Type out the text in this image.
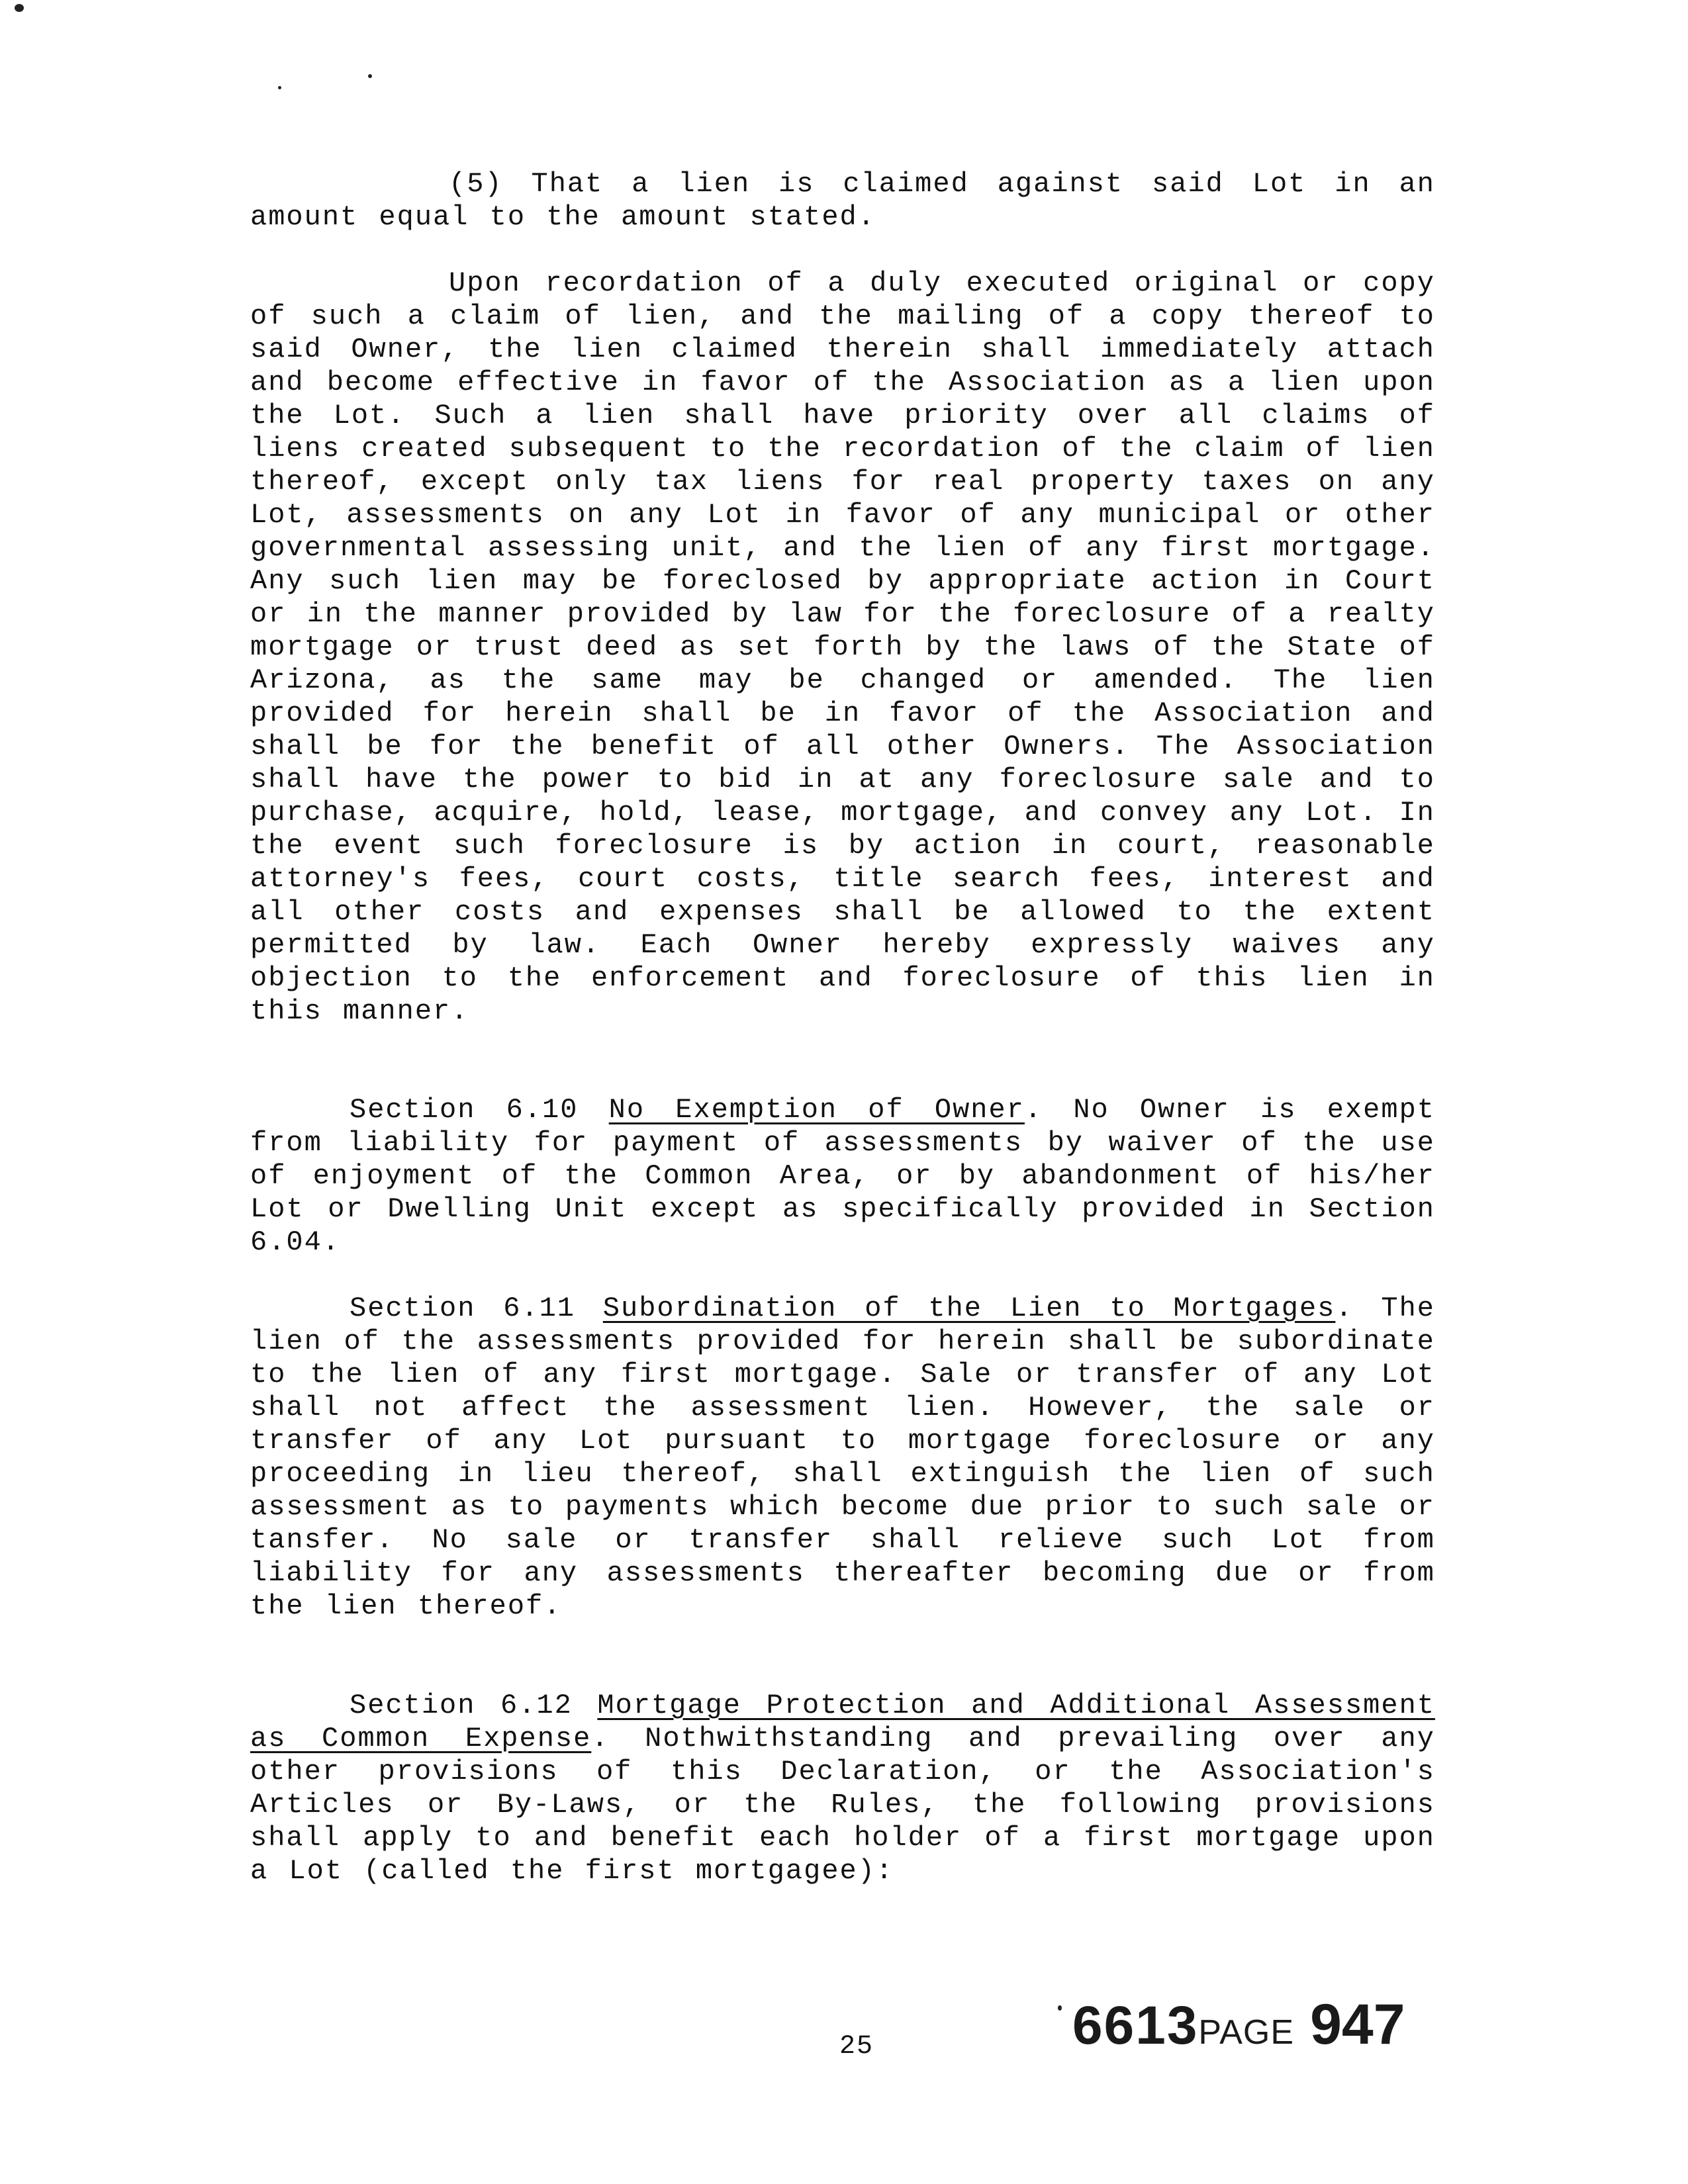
(5) That a lien is claimed against said Lot in an amount equal to the amount stated.

Upon recordation of a duly executed original or copy of such a claim of lien, and the mailing of a copy thereof to said Owner, the lien claimed therein shall immediately attach and become effective in favor of the Association as a lien upon the Lot. Such a lien shall have priority over all claims of liens created subsequent to the recordation of the claim of lien thereof, except only tax liens for real property taxes on any Lot, assessments on any Lot in favor of any municipal or other governmental assessing unit, and the lien of any first mortgage. Any such lien may be foreclosed by appropriate action in Court or in the manner provided by law for the foreclosure of a realty mortgage or trust deed as set forth by the laws of the State of Arizona, as the same may be changed or amended. The lien provided for herein shall be in favor of the Association and shall be for the benefit of all other Owners. The Association shall have the power to bid in at any foreclosure sale and to purchase, acquire, hold, lease, mortgage, and convey any Lot. In the event such foreclosure is by action in court, reasonable attorney's fees, court costs, title search fees, interest and all other costs and expenses shall be allowed to the extent permitted by law. Each Owner hereby expressly waives any objection to the enforcement and foreclosure of this lien in this manner.

Section 6.10 No Exemption of Owner. No Owner is exempt from liability for payment of assessments by waiver of the use of enjoyment of the Common Area, or by abandonment of his/her Lot or Dwelling Unit except as specifically provided in Section 6.04.

Section 6.11 Subordination of the Lien to Mortgages. The lien of the assessments provided for herein shall be subordinate to the lien of any first mortgage. Sale or transfer of any Lot shall not affect the assessment lien. However, the sale or transfer of any Lot pursuant to mortgage foreclosure or any proceeding in lieu thereof, shall extinguish the lien of such assessment as to payments which become due prior to such sale or tansfer. No sale or transfer shall relieve such Lot from liability for any assessments thereafter becoming due or from the lien thereof.

Section 6.12 Mortgage Protection and Additional Assessment as Common Expense. Nothwithstanding and prevailing over any other provisions of this Declaration, or the Association's Articles or By-Laws, or the Rules, the following provisions shall apply to and benefit each holder of a first mortgage upon a Lot (called the first mortgagee):

25	6613PAGE 947
